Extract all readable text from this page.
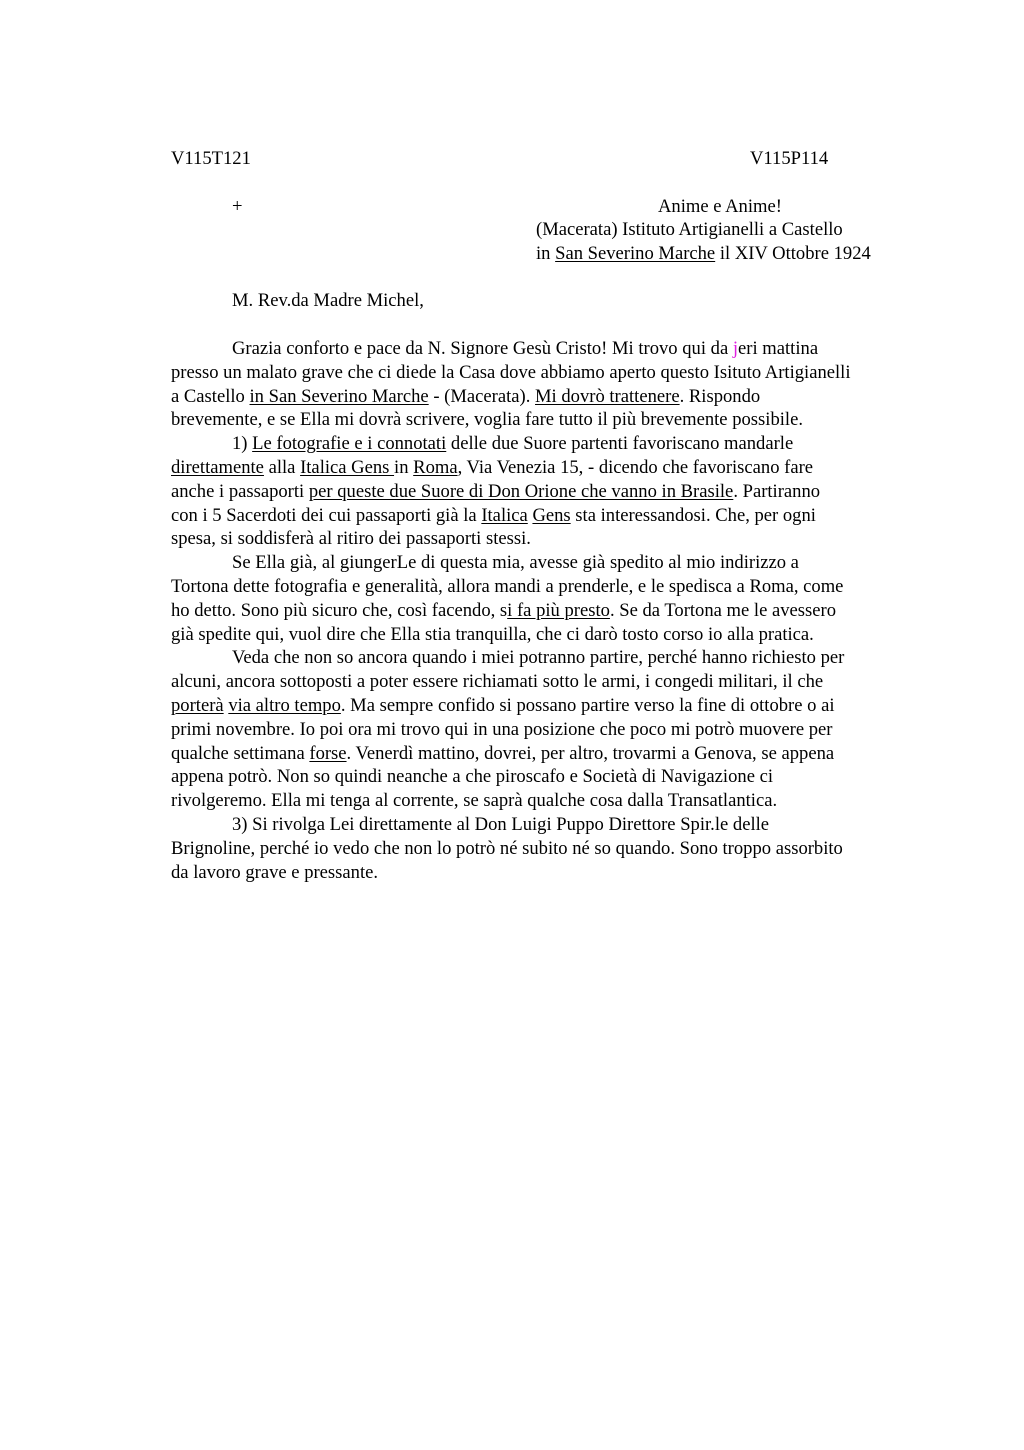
V115T121	V115P114
+	Anime e Anime!
(Macerata) Istituto Artigianelli a Castello
in San Severino Marche il XIV Ottobre 1924
M. Rev.da Madre Michel,

Grazia conforto e pace da N. Signore Gesù Cristo! Mi trovo qui da jeri mattina
presso un malato grave che ci diede la Casa dove abbiamo aperto questo Isituto Artigianelli
a Castello in San Severino Marche - (Macerata). Mi dovrò trattenere. Rispondo
brevemente, e se Ella mi dovrà scrivere, voglia fare tutto il più brevemente possibile.

1) Le fotografie e i connotati delle due Suore partenti favoriscano mandarle
direttamente alla Italica Gens in Roma, Via Venezia 15, - dicendo che favoriscano fare
anche i passaporti per queste due Suore di Don Orione che vanno in Brasile. Partiranno
con i 5 Sacerdoti dei cui passaporti già la Italica Gens sta interessandosi. Che, per ogni
spesa, si soddisferà al ritiro dei passaporti stessi.

Se Ella già, al giungerLe di questa mia, avesse già spedito al mio indirizzo a
Tortona dette fotografia e generalità, allora mandi a prenderle, e le spedisca a Roma, come
ho detto. Sono più sicuro che, così facendo, si fa più presto. Se da Tortona me le avessero
già spedite qui, vuol dire che Ella stia tranquilla, che ci darò tosto corso io alla pratica.

Veda che non so ancora quando i miei potranno partire, perché hanno richiesto per
alcuni, ancora sottoposti a poter essere richiamati sotto le armi, i congedi militari, il che
porterà via altro tempo. Ma sempre confido si possano partire verso la fine di ottobre o ai
primi novembre. Io poi ora mi trovo qui in una posizione che poco mi potrò muovere per
qualche settimana forse. Venerdì mattino, dovrei, per altro, trovarmi a Genova, se appena
appena potrò. Non so quindi neanche a che piroscafo e Società di Navigazione ci
rivolgeremo. Ella mi tenga al corrente, se saprà qualche cosa dalla Transatlantica.

3) Si rivolga Lei direttamente al Don Luigi Puppo Direttore Spir.le delle
Brignoline, perché io vedo che non lo potrò né subito né so quando. Sono troppo assorbito
da lavoro grave e pressante.
